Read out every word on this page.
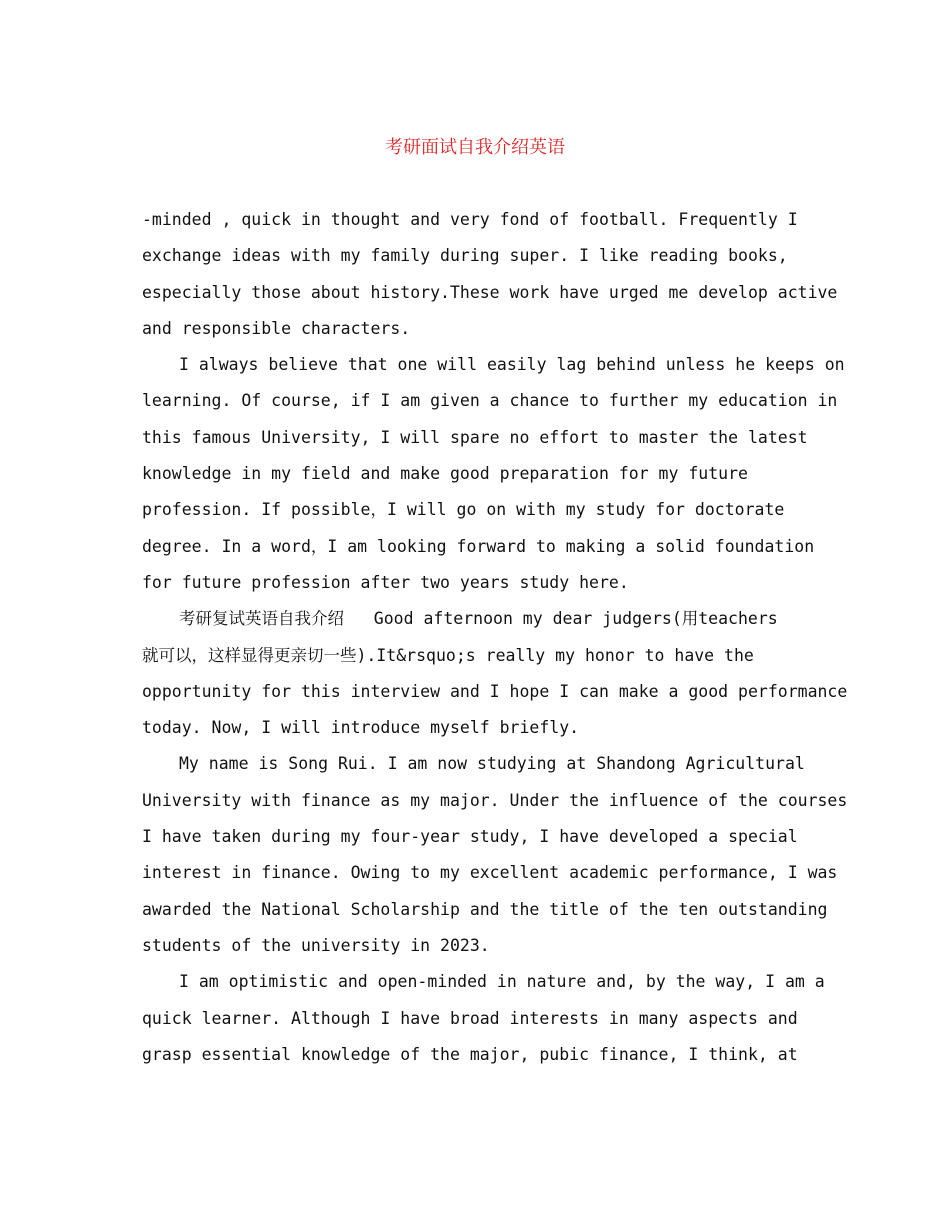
考研面试自我介绍英语
-minded , quick in thought and very fond of football. Frequently I
exchange ideas with my family during super. I like reading books,
especially those about history.These work have urged me develop active
and responsible characters.
I always believe that one will easily lag behind unless he keeps on
learning. Of course, if I am given a chance to further my education in
this famous University, I will spare no effort to master the latest
knowledge in my field and make good preparation for my future
profession. If possible，I will go on with my study for doctorate
degree. In a word，I am looking forward to making a solid foundation
for future profession after two years study here.
考研复试英语自我介绍   Good afternoon my dear judgers(用teachers
就可以，这样显得更亲切一些).It&rsquo;s really my honor to have the
opportunity for this interview and I hope I can make a good performance
today. Now, I will introduce myself briefly.
My name is Song Rui. I am now studying at Shandong Agricultural
University with finance as my major. Under the influence of the courses
I have taken during my four-year study, I have developed a special
interest in finance. Owing to my excellent academic performance, I was
awarded the National Scholarship and the title of the ten outstanding
students of the university in 2023.
I am optimistic and open-minded in nature and, by the way, I am a
quick learner. Although I have broad interests in many aspects and
grasp essential knowledge of the major, pubic finance, I think, at
